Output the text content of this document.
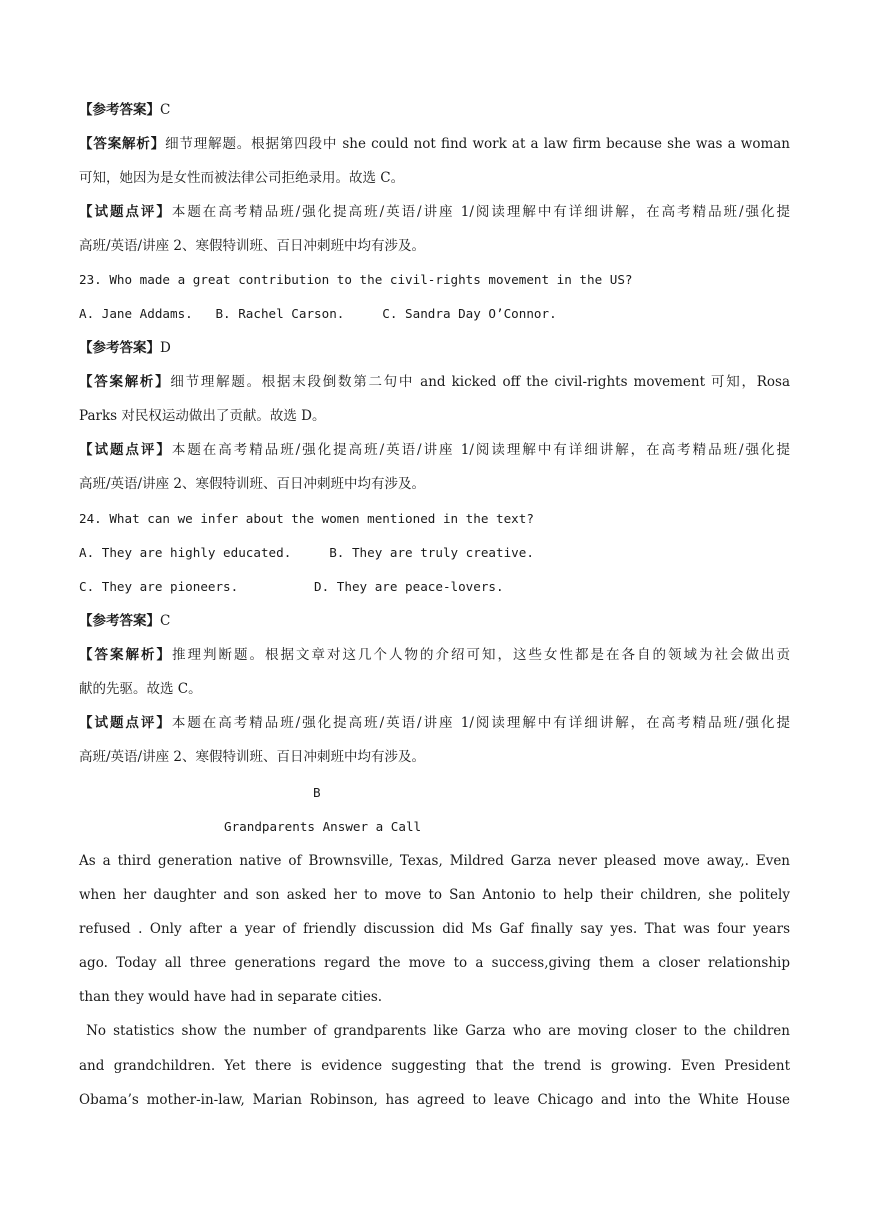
【参考答案】C
【答案解析】细节理解题。根据第四段中 she could not find work at a law firm because she was a woman
可知，她因为是女性而被法律公司拒绝录用。故选 C。
【试题点评】本题在高考精品班/强化提高班/英语/讲座 1/阅读理解中有详细讲解，在高考精品班/强化提
高班/英语/讲座 2、寒假特训班、百日冲刺班中均有涉及。
23. Who made a great contribution to the civil-rights movement in the US?
A. Jane Addams.   B. Rachel Carson.     C. Sandra Day O’Connor.
【参考答案】D
【答案解析】细节理解题。根据末段倒数第二句中 and kicked off the civil-rights movement 可知，Rosa
Parks 对民权运动做出了贡献。故选 D。
【试题点评】本题在高考精品班/强化提高班/英语/讲座 1/阅读理解中有详细讲解，在高考精品班/强化提
高班/英语/讲座 2、寒假特训班、百日冲刺班中均有涉及。
24. What can we infer about the women mentioned in the text?
A. They are highly educated.     B. They are truly creative.
C. They are pioneers.          D. They are peace-lovers.
【参考答案】C
【答案解析】推理判断题。根据文章对这几个人物的介绍可知，这些女性都是在各自的领域为社会做出贡
献的先驱。故选 C。
【试题点评】本题在高考精品班/强化提高班/英语/讲座 1/阅读理解中有详细讲解，在高考精品班/强化提
高班/英语/讲座 2、寒假特训班、百日冲刺班中均有涉及。
B
Grandparents Answer a Call
As a third generation native of Brownsville, Texas, Mildred Garza never pleased move away,. Even
when her daughter and son asked her to move to San Antonio to help their children, she politely
refused . Only after a year of friendly discussion did Ms Gaf finally say yes. That was four years
ago. Today all three generations regard the move to a success,giving them a closer relationship
than they would have had in separate cities.
No statistics show the number of grandparents like Garza who are moving closer to the children
and grandchildren. Yet there is evidence suggesting that the trend is growing. Even President
Obama’s mother-in-law, Marian Robinson, has agreed to leave Chicago and into the White House
